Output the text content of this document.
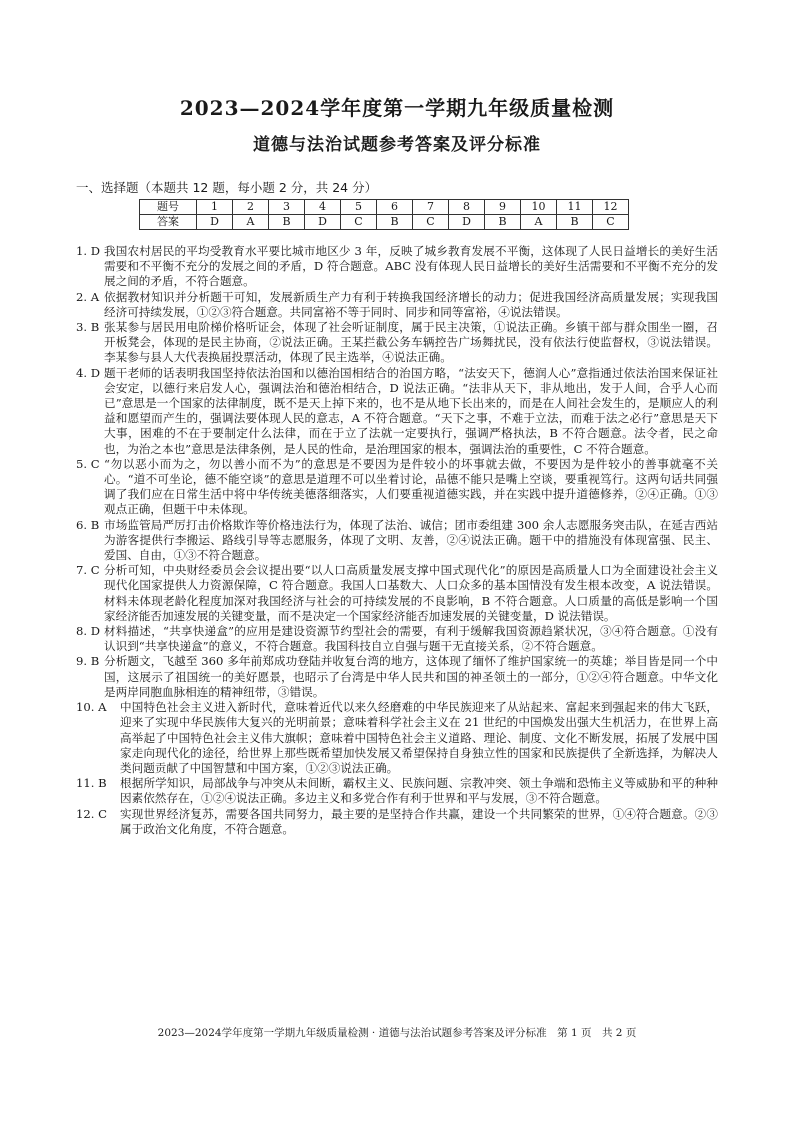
2023—2024学年度第一学期九年级质量检测
道德与法治试题参考答案及评分标准
一、选择题（本题共 12 题，每小题 2 分，共 24 分）
题号	1	2	3	4	5	6	7	8	9	10	11	12
答案	D	A	B	D	C	B	C	D	B	A	B	C
1. D 我国农村居民的平均受教育水平要比城市地区少 3 年，反映了城乡教育发展不平衡，这体现了人民日益增长的美好生活需要和不平衡不充分的发展之间的矛盾，D 符合题意。ABC 没有体现人民日益增长的美好生活需要和不平衡不充分的发展之间的矛盾，不符合题意。
2. A 依据教材知识并分析题干可知，发展新质生产力有利于转换我国经济增长的动力；促进我国经济高质量发展；实现我国经济可持续发展，①②③符合题意。共同富裕不等于同时、同步和同等富裕，④说法错误。
3. B 张某参与居民用电阶梯价格听证会，体现了社会听证制度，属于民主决策，①说法正确。乡镇干部与群众围坐一圈，召开板凳会，体现的是民主协商，②说法正确。王某拦截公务车辆控告广场舞扰民，没有依法行使监督权，③说法错误。李某参与县人大代表换届投票活动，体现了民主选举，④说法正确。
4. D 题干老师的话表明我国坚持依法治国和以德治国相结合的治国方略，“法安天下，德润人心”意指通过依法治国来保证社会安定，以德行来启发人心，强调法治和德治相结合，D 说法正确。“法非从天下，非从地出，发于人间，合乎人心而已”意思是一个国家的法律制度，既不是天上掉下来的，也不是从地下长出来的，而是在人间社会发生的，是顺应人的利益和愿望而产生的，强调法要体现人民的意志，A 不符合题意。“天下之事，不难于立法，而难于法之必行”意思是天下大事，困难的不在于要制定什么法律，而在于立了法就一定要执行，强调严格执法，B 不符合题意。法令者，民之命也，为治之本也”意思是法律条例，是人民的性命，是治理国家的根本，强调法治的重要性，C 不符合题意。
5. C “勿以恶小而为之，勿以善小而不为”的意思是不要因为是件较小的坏事就去做，不要因为是件较小的善事就毫不关心。“道不可坐论，德不能空谈”的意思是道理不可以坐着讨论，品德不能只是嘴上空谈，要重视笃行。这两句话共同强调了我们应在日常生活中将中华传统美德落细落实，人们要重视道德实践，并在实践中提升道德修养，②④正确。①③观点正确，但题干中未体现。
6. B 市场监管局严厉打击价格欺诈等价格违法行为，体现了法治、诚信；团市委组建 300 余人志愿服务突击队，在延吉西站为游客提供行李搬运、路线引导等志愿服务，体现了文明、友善，②④说法正确。题干中的措施没有体现富强、民主、爱国、自由，①③不符合题意。
7. C 分析可知，中央财经委员会会议提出要“以人口高质量发展支撑中国式现代化”的原因是高质量人口为全面建设社会主义现代化国家提供人力资源保障，C 符合题意。我国人口基数大、人口众多的基本国情没有发生根本改变，A 说法错误。材料未体现老龄化程度加深对我国经济与社会的可持续发展的不良影响，B 不符合题意。人口质量的高低是影响一个国家经济能否加速发展的关键变量，而不是决定一个国家经济能否加速发展的关键变量，D 说法错误。
8. D 材料描述，“共享快递盒”的应用是建设资源节约型社会的需要，有利于缓解我国资源趋紧状况，③④符合题意。①没有认识到“共享快递盒”的意义，不符合题意。我国科技自立自强与题干无直接关系，②不符合题意。
9. B 分析题文，飞越至 360 多年前郑成功登陆并收复台湾的地方，这体现了缅怀了维护国家统一的英雄；举目皆是同一个中国，这展示了祖国统一的美好愿景，也昭示了台湾是中华人民共和国的神圣领土的一部分，①②④符合题意。中华文化是两岸同胞血脉相连的精神纽带，③错误。
10. A	中国特色社会主义进入新时代，意味着近代以来久经磨难的中华民族迎来了从站起来、富起来到强起来的伟大飞跃，迎来了实现中华民族伟大复兴的光明前景；意味着科学社会主义在 21 世纪的中国焕发出强大生机活力，在世界上高高举起了中国特色社会主义伟大旗帜；意味着中国特色社会主义道路、理论、制度、文化不断发展，拓展了发展中国家走向现代化的途径，给世界上那些既希望加快发展又希望保持自身独立性的国家和民族提供了全新选择，为解决人类问题贡献了中国智慧和中国方案，①②③说法正确。
11. B	根据所学知识，局部战争与冲突从未间断，霸权主义、民族问题、宗教冲突、领土争端和恐怖主义等威胁和平的种种因素依然存在，①②④说法正确。多边主义和多党合作有利于世界和平与发展，③不符合题意。
12. C	实现世界经济复苏，需要各国共同努力，最主要的是坚持合作共赢，建设一个共同繁荣的世界，①④符合题意。②③属于政治文化角度，不符合题意。
2023—2024学年度第一学期九年级质量检测 · 道德与法治试题参考答案及评分标准　第 1 页　共 2 页
